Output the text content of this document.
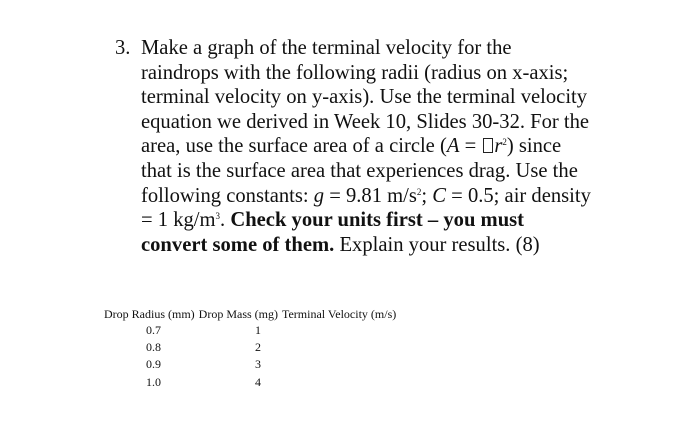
3. Make a graph of the terminal velocity for the
raindrops with the following radii (radius on x-axis;
terminal velocity on y-axis). Use the terminal velocity
equation we derived in Week 10, Slides 30-32. For the
area, use the surface area of a circle $(A = r^2)$ since
that is the surface area that experiences drag. Use the
following constants: g = 9.81 $m/s^2$; C = 0.5; air density
= 1 $kg/m^3$. Check your units first – you must
convert some of them. Explain your results. (8)
Drop Radius (mm) Drop Mass (mg) Terminal Velocity (m/s)
0.7	1
0.8	2
0.9	3
1.0	4
